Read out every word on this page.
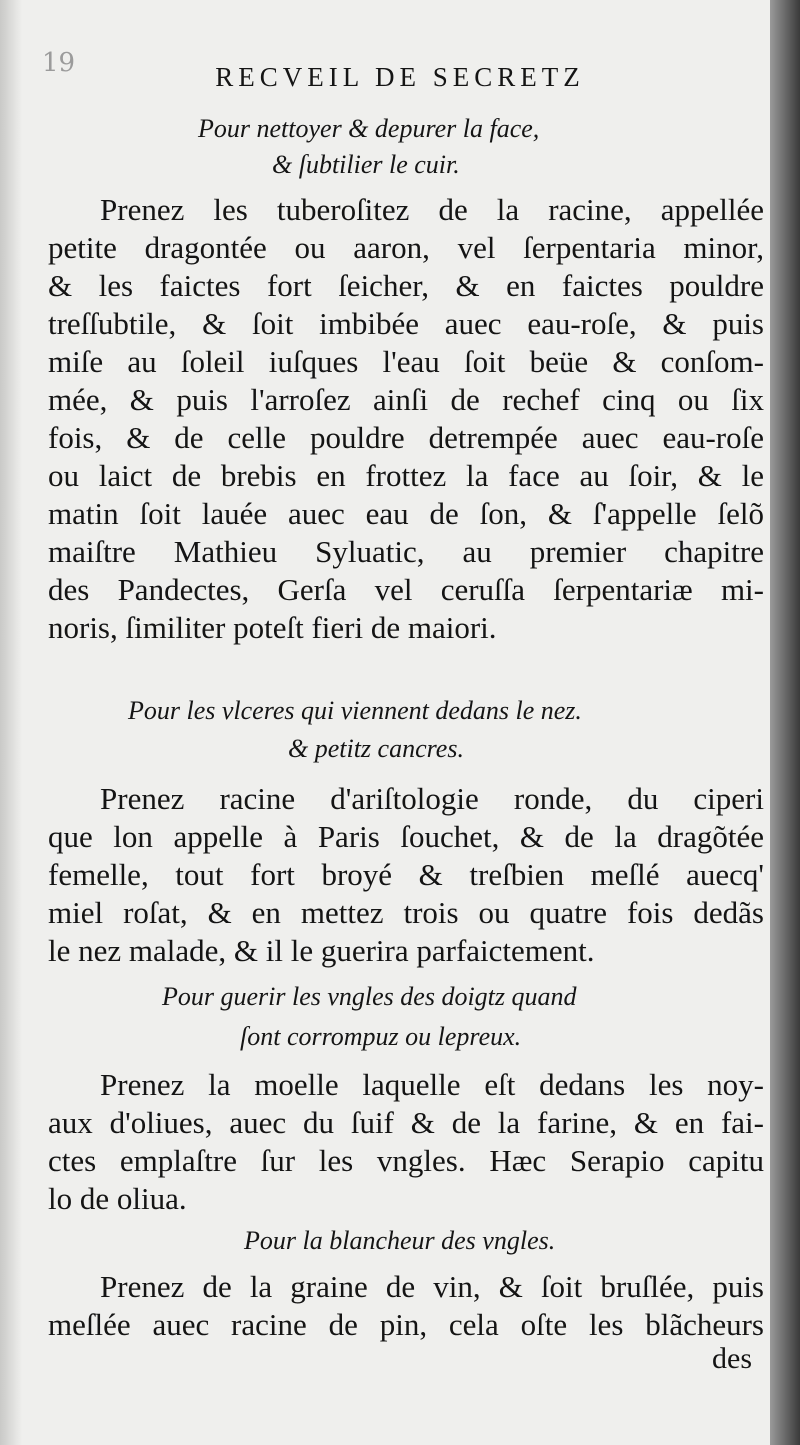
19	RECVEIL DE SECRETZ
Pour nettoyer & depurer la face,
& ſubtilier le cuir.
Prenez les tuberoſitez de la racine, appellée
petite dragontée ou aaron, vel ſerpentaria minor,
& les faictes fort ſeicher, & en faictes pouldre
treſſubtile, & ſoit imbibée auec eau-roſe, & puis
miſe au ſoleil iuſques l'eau ſoit beüe & conſom-
mée, & puis l'arroſez ainſi de rechef cinq ou ſix
fois, & de celle pouldre detrempée auec eau-roſe
ou laict de brebis en frottez la face au ſoir, & le
matin ſoit lauée auec eau de ſon, & ſ'appelle ſelõ
maiſtre Mathieu Syluatic, au premier chapitre
des Pandectes, Gerſa vel ceruſſa ſerpentariæ mi-
noris, ſimiliter poteſt fieri de maiori.
Pour les vlceres qui viennent dedans le nez.
& petitz cancres.
Prenez racine d'ariſtologie ronde, du ciperi
que lon appelle à Paris ſouchet, & de la dragõtée
femelle, tout fort broyé & treſbien meſlé auecq'
miel roſat, & en mettez trois ou quatre fois dedãs
le nez malade, & il le guerira parfaictement.
Pour guerir les vngles des doigtz quand
ſont corrompuz ou lepreux.
Prenez la moelle laquelle eſt dedans les noy-
aux d'oliues, auec du ſuif & de la farine, & en fai-
ctes emplaſtre ſur les vngles. Hæc Serapio capitu
lo de oliua.
Pour la blancheur des vngles.
Prenez de la graine de vin, & ſoit bruſlée, puis
meſlée auec racine de pin, cela oſte les blãcheurs
des
